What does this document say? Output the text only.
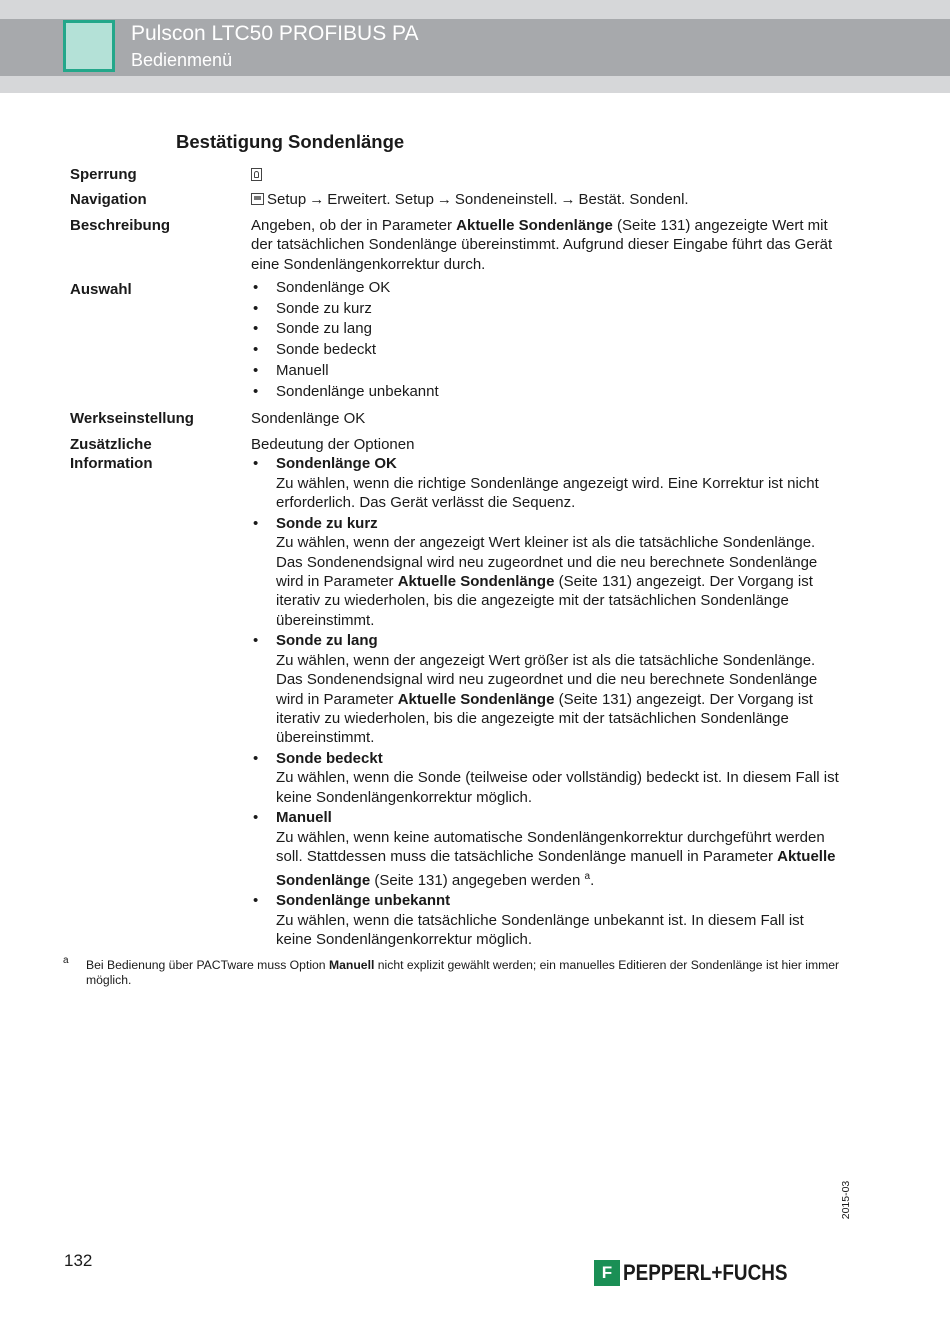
Pulscon LTC50 PROFIBUS PA
Bedienmenü
Bestätigung Sondenlänge
Sperrung
Navigation	Setup → Erweitert. Setup → Sondeneinstell. → Bestät. Sondenl.
Beschreibung	Angeben, ob der in Parameter Aktuelle Sondenlänge (Seite 131) angezeigte Wert mit der tatsächlichen Sondenlänge übereinstimmt. Aufgrund dieser Eingabe führt das Gerät eine Sondenlängenkorrektur durch.

Auswahl
•	Sondenlänge OK
• Sonde zu kurz
• Sonde zu lang
• Sonde bedeckt
• Manuell
• Sondenlänge unbekannt
Werkseinstellung	Sondenlänge OK
Zusätzliche
Information

Bedeutung der Optionen

• Sondenlänge OK
Zu wählen, wenn die richtige Sondenlänge angezeigt wird. Eine Korrektur ist nicht erforderlich. Das Gerät verlässt die Sequenz.
• Sonde zu kurz
Zu wählen, wenn der angezeigt Wert kleiner ist als die tatsächliche Sondenlänge. Das Sondenendsignal wird neu zugeordnet und die neu berechnete Sondenlänge wird in Parameter Aktuelle Sondenlänge (Seite 131) angezeigt. Der Vorgang ist iterativ zu wiederholen, bis die angezeigte mit der tatsächlichen Sondenlänge übereinstimmt.
• Sonde zu lang
Zu wählen, wenn der angezeigt Wert größer ist als die tatsächliche Sondenlänge. Das Sondenendsignal wird neu zugeordnet und die neu berechnete Sondenlänge wird in Parameter Aktuelle Sondenlänge (Seite 131) angezeigt. Der Vorgang ist iterativ zu wiederholen, bis die angezeigte mit der tatsächlichen Sondenlänge übereinstimmt.
• Sonde bedeckt
Zu wählen, wenn die Sonde (teilweise oder vollständig) bedeckt ist. In diesem Fall ist keine Sondenlängenkorrektur möglich.
• Manuell
Zu wählen, wenn keine automatische Sondenlängenkorrektur durchgeführt werden soll. Stattdessen muss die tatsächliche Sondenlänge manuell in Parameter Aktuelle Sondenlänge (Seite 131) angegeben werden $^a$.
• Sondenlänge unbekannt
Zu wählen, wenn die tatsächliche Sondenlänge unbekannt ist. In diesem Fall ist keine Sondenlängenkorrektur möglich.
a Bei Bedienung über PACTware muss Option Manuell nicht explizit gewählt werden; ein manuelles Editieren der Sondenlänge ist hier immer möglich.
2015-03
132
F PEPPERL+FUCHS
